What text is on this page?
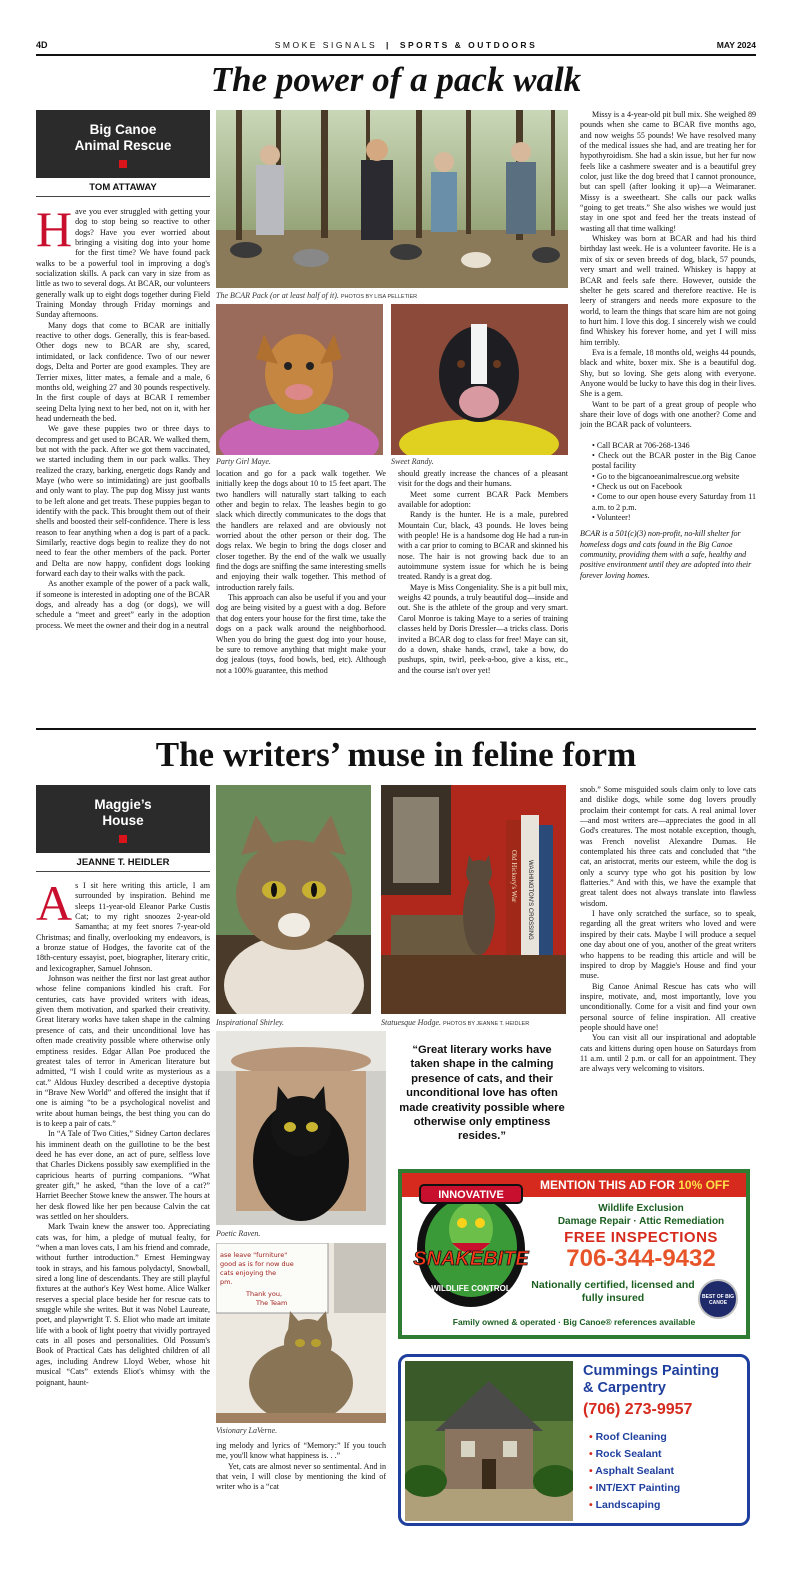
4D	SMOKE SIGNALS | SPORTS & OUTDOORS	MAY 2024
The power of a pack walk
Big Canoe Animal Rescue
TOM ATTAWAY

Have you ever struggled with getting your dog to stop being so reactive to other dogs? Have you ever worried about bringing a visiting dog into your home for the first time? We have found pack walks to be a powerful tool in improving a dog's socialization skills. A pack can vary in size from as little as two to several dogs. At BCAR, our volunteers generally walk up to eight dogs together during Field Training Monday through Friday mornings and Sunday afternoons.

Many dogs that come to BCAR are initially reactive to other dogs. Generally, this is fear-based. Other dogs new to BCAR are shy, scared, intimidated, or lack confidence. Two of our newer dogs, Delta and Porter are good examples. They are Terrier mixes, litter mates, a female and a male, 6 months old, weighing 27 and 30 pounds respectively. In the first couple of days at BCAR I remember seeing Delta lying next to her bed, not on it, with her head underneath the bed.

We gave these puppies two or three days to decompress and get used to BCAR. We walked them, but not with the pack. After we got them vaccinated, we started including them in our pack walks. They realized the crazy, barking, energetic dogs Randy and Maye (who were so intimidating) are just goofballs and only want to play. The pup dog Missy just wants to be left alone and get treats. These puppies began to identify with the pack. This brought them out of their shells and boosted their self-confidence. There is less reason to fear anything when a dog is part of a pack. Similarly, reactive dogs begin to realize they do not need to fear the other members of the pack. Porter and Delta are now happy, confident dogs looking forward each day to their walks with the pack.

As another example of the power of a pack walk, if someone is interested in adopting one of the BCAR dogs, and already has a dog (or dogs), we will schedule a “meet and greet” early in the adoption process. We meet the owner and their dog in a neutral

The BCAR Pack (or at least half of it). PHOTOS BY LISA PELLETIER
Party Girl Maye.	Sweet Randy.

location and go for a pack walk together. We initially keep the dogs about 10 to 15 feet apart. The two handlers will naturally start talking to each other and begin to relax. The leashes begin to go slack which directly communicates to the dogs that the handlers are relaxed and are obviously not worried about the other person or their dog. The dogs relax. We begin to bring the dogs closer and closer together. By the end of the walk we usually find the dogs are sniffing the same interesting smells and enjoying their walk together. This method of introduction rarely fails.

This approach can also be useful if you and your dog are being visited by a guest with a dog. Before that dog enters your house for the first time, take the dogs on a pack walk around the neighborhood. When you do bring the guest dog into your house, be sure to remove anything that might make your dog jealous (toys, food bowls, bed, etc). Although not a 100% guarantee, this method

should greatly increase the chances of a pleasant visit for the dogs and their humans.

Meet some current BCAR Pack Members available for adoption:

Randy is the hunter. He is a male, purebred Mountain Cur, black, 43 pounds. He loves being with people! He is a handsome dog He had a run-in with a car prior to coming to BCAR and skinned his nose. The hair is not growing back due to an autoimmune system issue for which he is being treated. Randy is a great dog.

Maye is Miss Congeniality. She is a pit bull mix, weighs 42 pounds, a truly beautiful dog—inside and out. She is the athlete of the group and very smart. Carol Monroe is taking Maye to a series of training classes held by Doris Dressler—a tricks class. Doris invited a BCAR dog to class for free! Maye can sit, do a down, shake hands, crawl, take a bow, do pushups, spin, twirl, peek-a-boo, give a kiss, etc., and the course isn't over yet!

Missy is a 4-year-old pit bull mix. She weighed 89 pounds when she came to BCAR five months ago, and now weighs 55 pounds! We have resolved many of the medical issues she had, and are treating her for hypothyroidism. She had a skin issue, but her fur now feels like a cashmere sweater and is a beautiful grey color, just like the dog breed that I cannot pronounce, but can spell (after looking it up)—a Weimaraner. Missy is a sweetheart. She calls our pack walks “going to get treats.” She also wishes we would just stay in one spot and feed her the treats instead of wasting all that time walking!

Whiskey was born at BCAR and had his third birthday last week. He is a volunteer favorite. He is a mix of six or seven breeds of dog, black, 57 pounds, very smart and well trained. Whiskey is happy at BCAR and feels safe there. However, outside the shelter he gets scared and therefore reactive. He is leery of strangers and needs more exposure to the world, to learn the things that scare him are not going to hurt him. I love this dog. I sincerely wish we could find Whiskey his forever home, and yet I will miss him terribly.

Eva is a female, 18 months old, weighs 44 pounds, black and white, boxer mix. She is a beautiful dog. Shy, but so loving. She gets along with everyone. Anyone would be lucky to have this dog in their lives. She is a gem.

Want to be part of a great group of people who share their love of dogs with one another? Come and join the BCAR pack of volunteers.

• Call BCAR at 706-268-1346

• Check out the BCAR poster in the Big Canoe postal facility

• Go to the bigcanoeanimalrescue.org website

• Check us out on Facebook

• Come to our open house every Saturday from 11 a.m. to 2 p.m.

• Volunteer!

BCAR is a 501(c)(3) non-profit, no-kill shelter for homeless dogs and cats found in the Big Canoe community, providing them with a safe, healthy and positive environment until they are adopted into their forever loving homes.

The writers’ muse in feline form
Maggie’s House
JEANNE T. HEIDLER

As I sit here writing this article, I am surrounded by inspiration. Behind me sleeps 11-year-old Eleanor Parke Custis Cat; to my right snoozes 2-year-old Samantha; at my feet snores 7-year-old Christmas; and finally, overlooking my endeavors, is a bronze statue of Hodges, the favorite cat of the 18th-century essayist, poet, biographer, literary critic, and lexicographer, Samuel Johnson.

Johnson was neither the first nor last great author whose feline companions kindled his craft. For centuries, cats have provided writers with ideas, given them motivation, and sparked their creativity. Great literary works have taken shape in the calming presence of cats, and their unconditional love has often made creativity possible where otherwise only emptiness resides. Edgar Allan Poe produced the greatest tales of terror in American literature but admitted, “I wish I could write as mysterious as a cat.” Aldous Huxley described a deceptive dystopia in “Brave New World” and offered the insight that if one is aiming “to be a psychological novelist and write about human beings, the best thing you can do is to keep a pair of cats.”

In “A Tale of Two Cities,” Sidney Carton declares his imminent death on the guillotine to be the best deed he has ever done, an act of pure, selfless love that Charles Dickens possibly saw exemplified in the capricious hearts of purring companions. “What greater gift,” he asked, “than the love of a cat?” Harriet Beecher Stowe knew the answer. The hours at her desk flowed like her pen because Calvin the cat was settled on her shoulders.

Mark Twain knew the answer too. Appreciating cats was, for him, a pledge of mutual fealty, for “when a man loves cats, I am his friend and comrade, without further introduction.” Ernest Hemingway took in strays, and his famous polydactyl, Snowball, sired a long line of descendants. They are still playful fixtures at the author's Key West home. Alice Walker reserves a special place beside her for rescue cats to snuggle while she writes. But it was Nobel Laureate, poet, and playwright T. S. Eliot who made art imitate life with a book of light poetry that vividly portrayed cats in all poses and personalities. Old Possum's Book of Practical Cats has delighted children of all ages, including Andrew Lloyd Weber, whose hit musical “Cats” extends Eliot's whimsy with the poignant, haunt-

Inspirational Shirley.
WASHINGTON'S CROSSING
Old Hickory's War
Statuesque Hodge. PHOTOS BY JEANNE T. HEIDLER
Poetic Raven.
ase leave "furniture" good as is for now due cats enjoying the pm. Thank you, The Team
Visionary LaVerne.

ing melody and lyrics of “Memory:” If you touch me, you'll know what happiness is. . .”

Yet, cats are almost never so sentimental. And in that vein, I will close by mentioning the kind of writer who is a “cat

“Great literary works have taken shape in the calming presence of cats, and their unconditional love has often made creativity possible where otherwise only emptiness resides.”

snob.” Some misguided souls claim only to love cats and dislike dogs, while some dog lovers proudly proclaim their contempt for cats. A real animal lover—and most writers are—appreciates the good in all God's creatures. The most notable exception, though, was French novelist Alexandre Dumas. He contemplated his three cats and concluded that “the cat, an aristocrat, merits our esteem, while the dog is only a scurvy type who got his position by low flatteries.” And with this, we have the example that great talent does not always translate into flawless wisdom.

I have only scratched the surface, so to speak, regarding all the great writers who loved and were inspired by their cats. Maybe I will produce a sequel one day about one of you, another of the great writers who happens to be reading this article and will be inspired to drop by Maggie's House and find your muse.

Big Canoe Animal Rescue has cats who will inspire, motivate, and, most importantly, love you unconditionally. Come for a visit and find your own personal source of feline inspiration. All creative people should have one!

You can visit all our inspirational and adoptable cats and kittens during open house on Saturdays from 11 a.m. until 2 p.m. or call for an appointment. They are always very welcoming to visitors.

MENTION THIS AD FOR 10% OFF
INNOVATIVE
SNAKEBITE
WILDLIFE CONTROL
Wildlife Exclusion
Damage Repair · Attic Remediation
FREE INSPECTIONS
706-344-9432
Nationally certified, licensed and fully insured	BEST OF BIG CANOE
Family owned & operated · Big Canoe® references available
Cummings Painting
& Carpentry
(706) 273-9957
• Roof Cleaning
• Rock Sealant
• Asphalt Sealant
• INT/EXT Painting
• Landscaping
